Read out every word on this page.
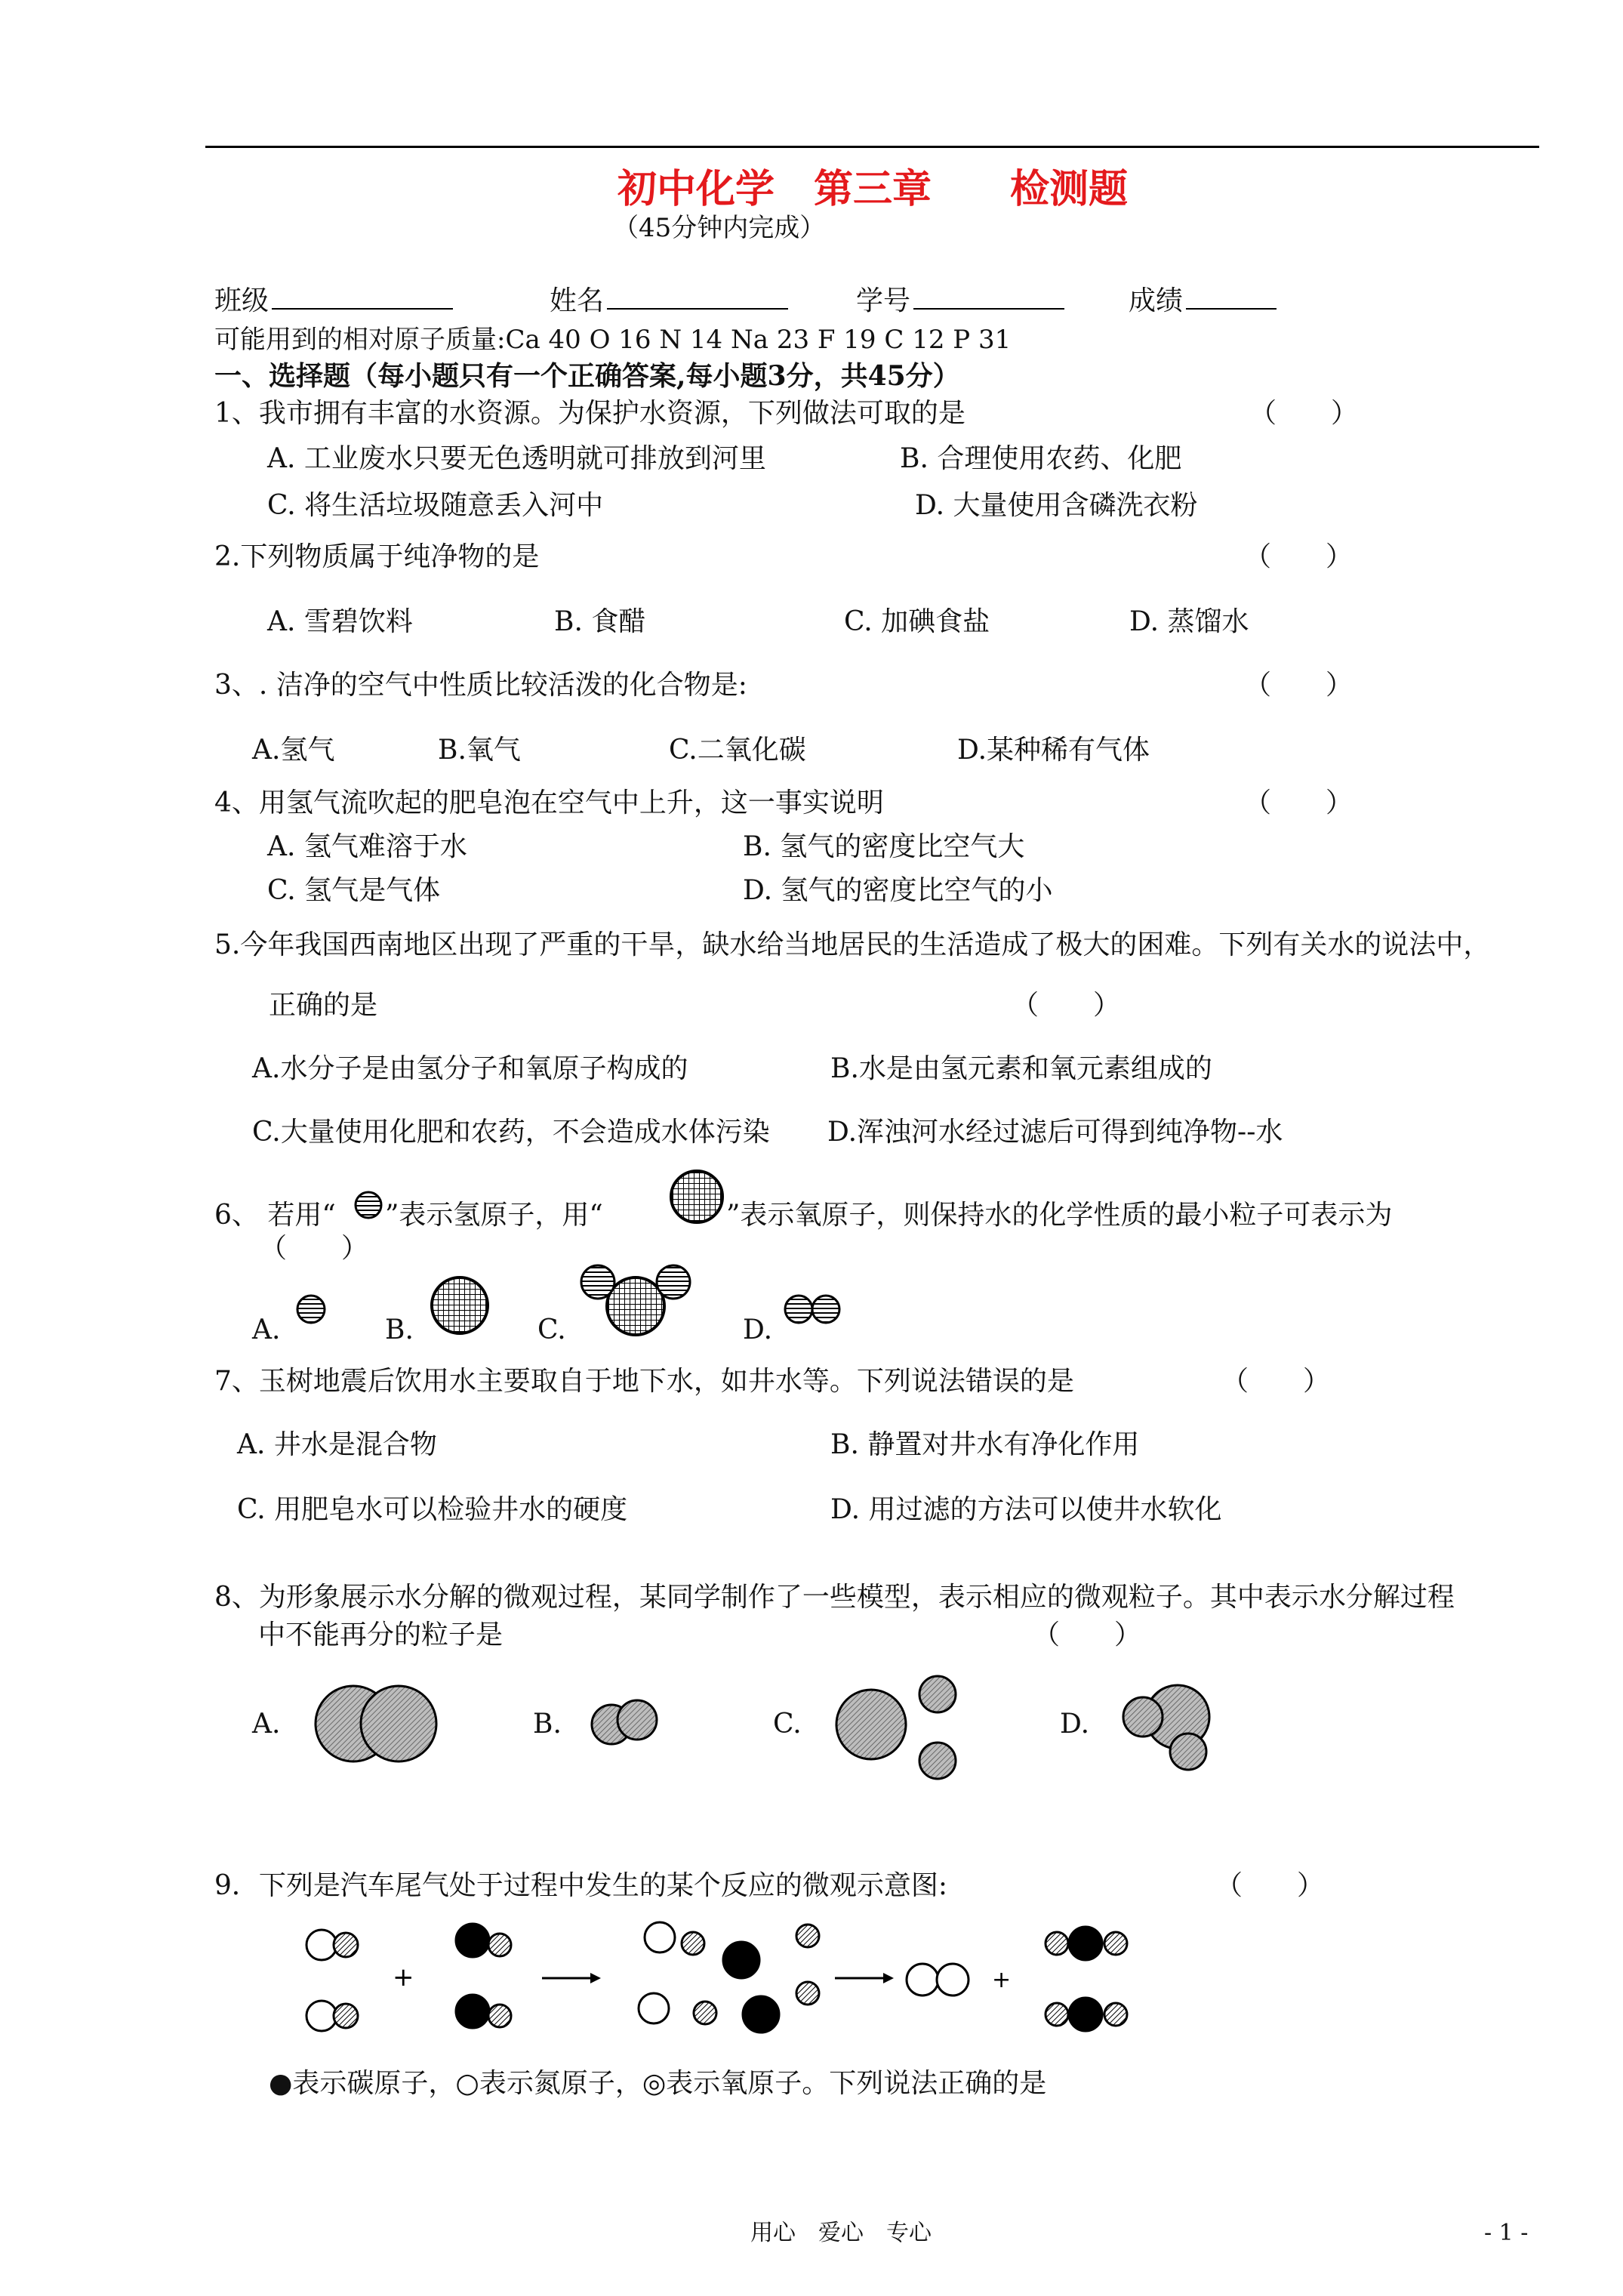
初中化学　第三章　　检测题
（45分钟内完成）
班级	姓名	学号	成绩
可能用到的相对原子质量:Ca 40 O 16 N 14 Na 23 F 19 C 12 P 31
一、选择题（每小题只有一个正确答案,每小题3分，共45分）
1、我市拥有丰富的水资源。为保护水资源，下列做法可取的是	（　　）
A. 工业废水只要无色透明就可排放到河里	B. 合理使用农药、化肥
C. 将生活垃圾随意丢入河中	D. 大量使用含磷洗衣粉
2.下列物质属于纯净物的是	（　　）
A. 雪碧饮料	B. 食醋	C. 加碘食盐	D. 蒸馏水
3、. 洁净的空气中性质比较活泼的化合物是:	（　　）
A.氢气	B.氧气	C.二氧化碳	D.某种稀有气体
4、用氢气流吹起的肥皂泡在空气中上升，这一事实说明	（　　）
A. 氢气难溶于水	B. 氢气的密度比空气大
C. 氢气是气体	D. 氢气的密度比空气的小
5.今年我国西南地区出现了严重的干旱，缺水给当地居民的生活造成了极大的困难。下列有关水的说法中，
正确的是	（　　）
A.水分子是由氢分子和氧原子构成的	B.水是由氢元素和氧元素组成的
C.大量使用化肥和农药，不会造成水体污染 D.浑浊河水经过滤后可得到纯净物--水
6、 若用“ ”表示氢原子，用“	”表示氧原子，则保持水的化学性质的最小粒子可表示为
（　　）
A.	B.	C.	D.
7、玉树地震后饮用水主要取自于地下水，如井水等。下列说法错误的是	（　　）
A. 井水是混合物	B. 静置对井水有净化作用
C. 用肥皂水可以检验井水的硬度	D. 用过滤的方法可以使井水软化
8、为形象展示水分解的微观过程，某同学制作了一些模型，表示相应的微观粒子。其中表示水分解过程
中不能再分的粒子是	（　　）
A.	B.	C.	D.
9．下列是汽车尾气处于过程中发生的某个反应的微观示意图:	（　　）
+	+
●表示碳原子，○表示氮原子，◎表示氧原子。下列说法正确的是
用心　爱心　专心	- 1 -
